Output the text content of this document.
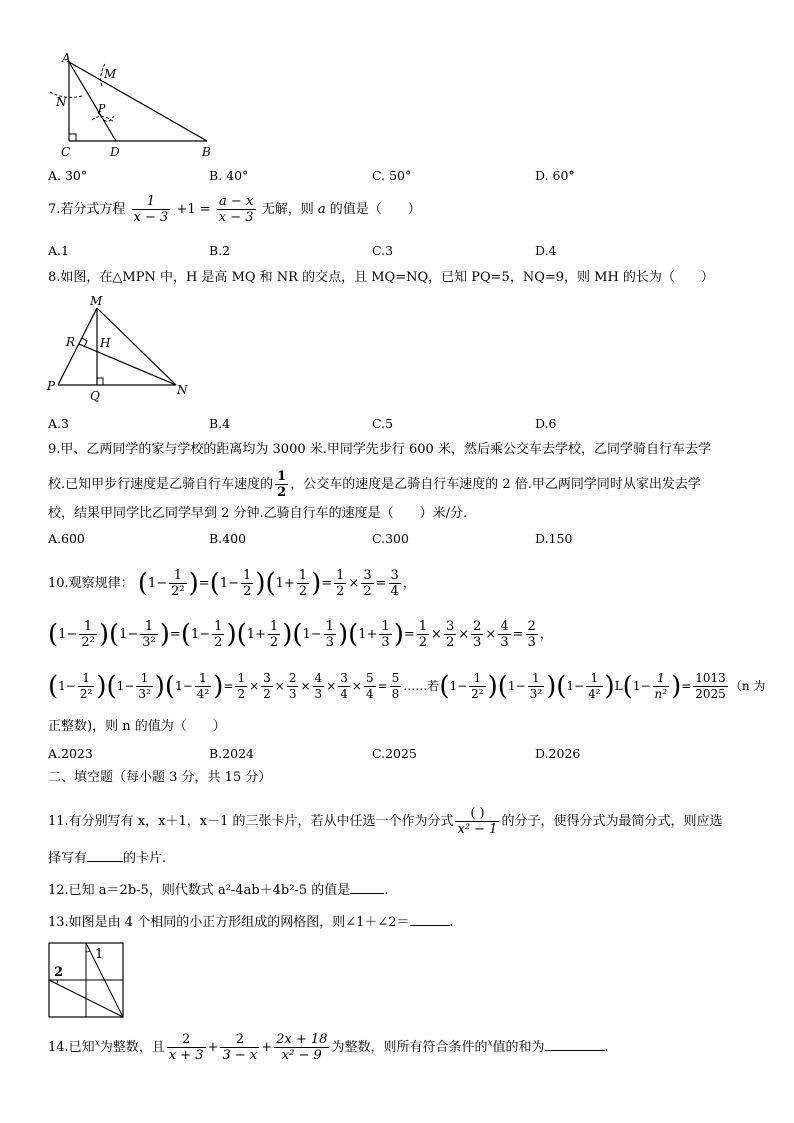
A
M
N	P
C	D	B
A. 30°	B. 40°	C. 50°	D. 60°
7.若分式方程 $\frac{1}{x - 3} +1 = \frac{a - x}{x - 3}$ 无解，则 a 的值是（　　）
A.1	B.2	C.3	D.4
8.如图，在△MPN 中，H 是高 MQ 和 NR 的交点，且 MQ=NQ，已知 PQ=5，NQ=9，则 MH 的长为（　　）
M
R H
P
Q	N
A.3	B.4	C.5	D.6
9.甲、乙两同学的家与学校的距离均为 3000 米.甲同学先步行 600 米，然后乘公交车去学校，乙同学骑自行车去学
校.已知甲步行速度是乙骑自行车速度的 $\frac{1}{2}$ ，公交车的速度是乙骑自行车速度的 2 倍.甲乙两同学同时从家出发去学
校，结果甲同学比乙同学早到 2 分钟.乙骑自行车的速度是（　　）米/分.
A.600	B.400	C.300	D.150
10.观察规律： $(1- \frac{1}{\text{2²}} )=(1- \frac{1}{2} )(1+ \frac{1}{2}$ )= $\frac{1}{2} \times \frac{3}{2} = \frac{3}{4}$ ，
$(1- \frac{1}{\text{2²}} )(1- \frac{1}{\text{3²}} )=(1- \frac{1}{2} )(1+ \frac{1}{2} )(1- \frac{1}{3} )(1+ \frac{1}{3}$ )= $\frac{1}{2} \times \frac{3}{2} \times \frac{2}{3} \times \frac{4}{3} = \frac{2}{3}$ ，
$(1- \frac{1}{\text{2²}} )(1- \frac{1}{\text{3²}} )(1- \frac{1}{\text{4²}}$ )= $\frac{1}{2} \times \frac{3}{2} \times \frac{2}{3} \times \frac{4}{3} \times \frac{3}{4} \times \frac{5}{4} = \frac{5}{8}$ ……若$(1- \frac{1}{\text{2²}} )(1- \frac{1}{\text{3²}} )(1- \frac{1}{\text{4²}} )L(1- \frac{1}{\text{n²}}$ )= $\frac{1013}{2025} (n$ 为
正整数)，则 n 的值为（　　）
A.2023	B.2024	C.2025	D.2026
二、填空题（每小题 3 分，共 15 分）
11.有分别写有 x，x＋1，x－1 的三张卡片，若从中任选一个作为分式 $\frac{( )}{\text{x² − 1}}$ 的分子，使得分式为最简分式，则应选
择写有	的卡片.
12.已知 a＝2b-5，则代数式 a²-4ab＋4b²-5 的值是	.
13.如图是由 4 个相同的小正方形组成的网格图，则∠1＋∠2＝	.
1
2
14.已知$^x$为整数，且 $\frac{2}{x + 3} + \frac{2}{3 - x} + \frac{2x + 18}{\text{x² − 9}}$ 为整数，则所有符合条件的$^x$值的和为	.
